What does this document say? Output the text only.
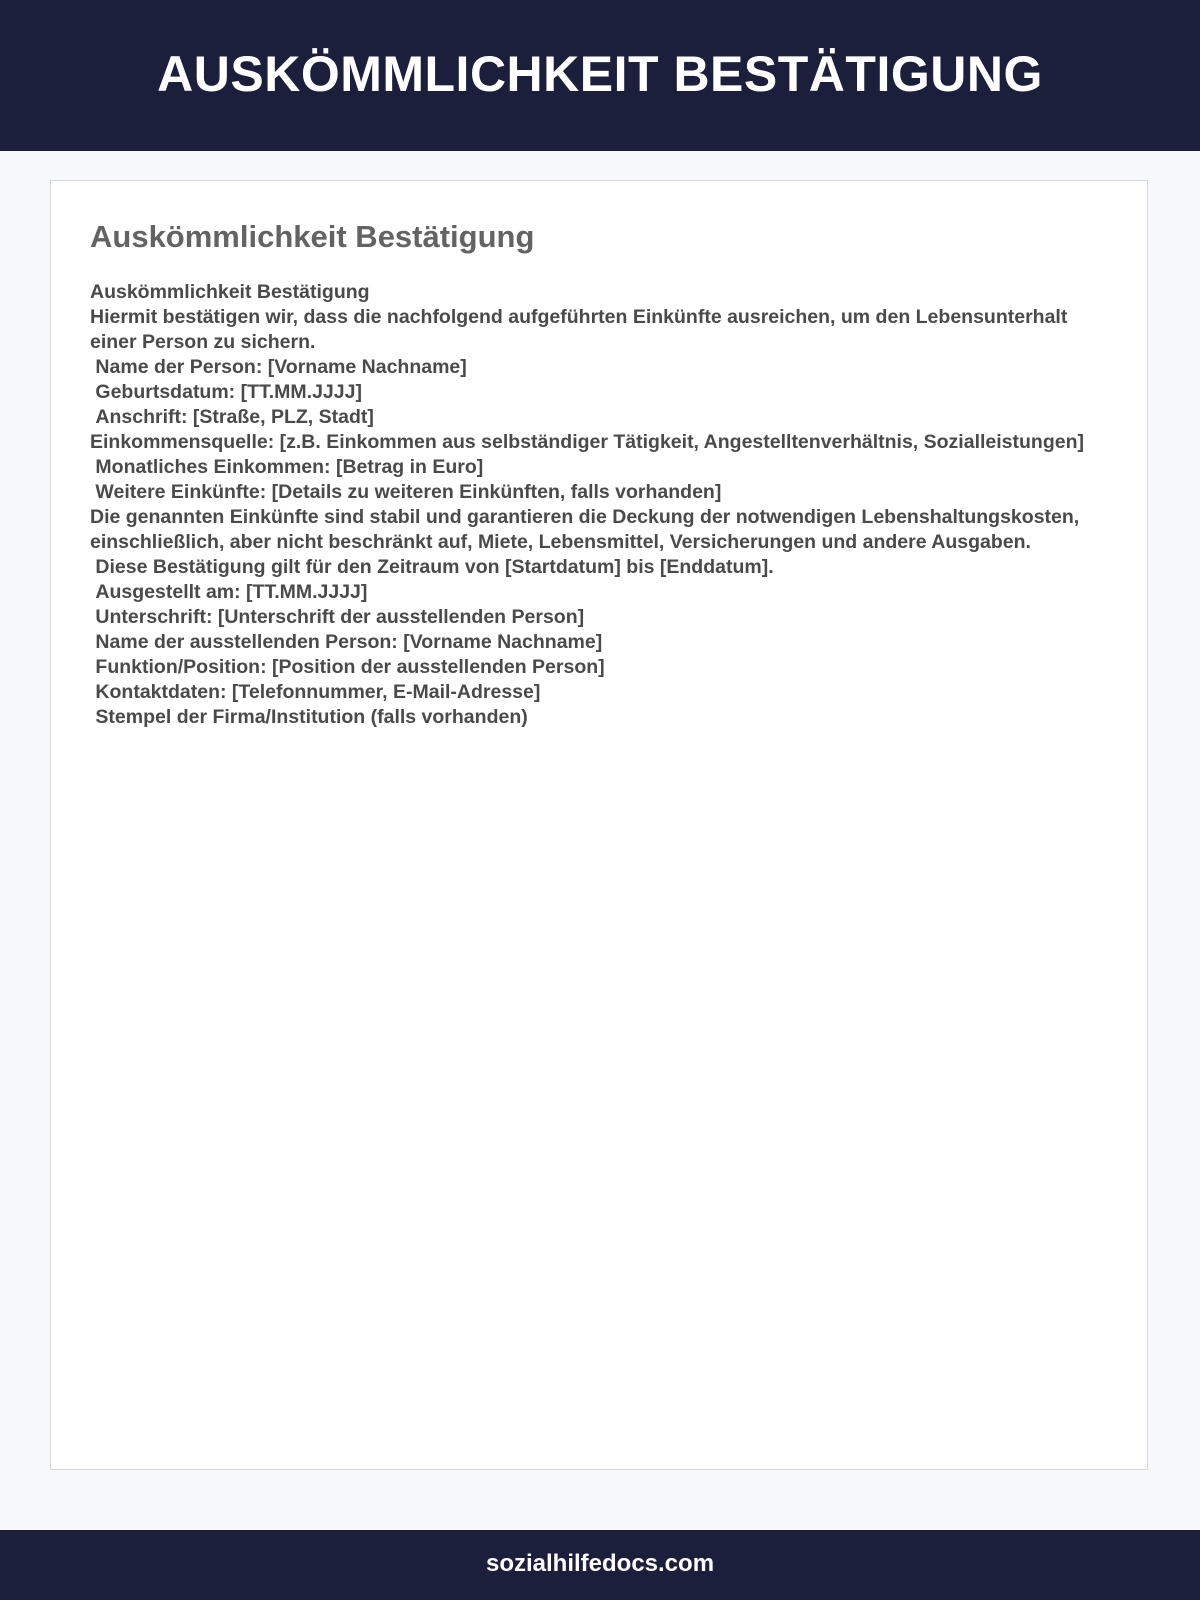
AUSKÖMMLICHKEIT BESTÄTIGUNG
Auskömmlichkeit Bestätigung
Auskömmlichkeit Bestätigung
Hiermit bestätigen wir, dass die nachfolgend aufgeführten Einkünfte ausreichen, um den Lebensunterhalt einer Person zu sichern.
Name der Person: [Vorname Nachname]
Geburtsdatum: [TT.MM.JJJJ]
Anschrift: [Straße, PLZ, Stadt]
Einkommensquelle: [z.B. Einkommen aus selbständiger Tätigkeit, Angestelltenverhältnis, Sozialleistungen]
Monatliches Einkommen: [Betrag in Euro]
Weitere Einkünfte: [Details zu weiteren Einkünften, falls vorhanden]
Die genannten Einkünfte sind stabil und garantieren die Deckung der notwendigen Lebenshaltungskosten, einschließlich, aber nicht beschränkt auf, Miete, Lebensmittel, Versicherungen und andere Ausgaben.
Diese Bestätigung gilt für den Zeitraum von [Startdatum] bis [Enddatum].
Ausgestellt am: [TT.MM.JJJJ]
Unterschrift: [Unterschrift der ausstellenden Person]
Name der ausstellenden Person: [Vorname Nachname]
Funktion/Position: [Position der ausstellenden Person]
Kontaktdaten: [Telefonnummer, E-Mail-Adresse]
Stempel der Firma/Institution (falls vorhanden)
sozialhilfedocs.com
